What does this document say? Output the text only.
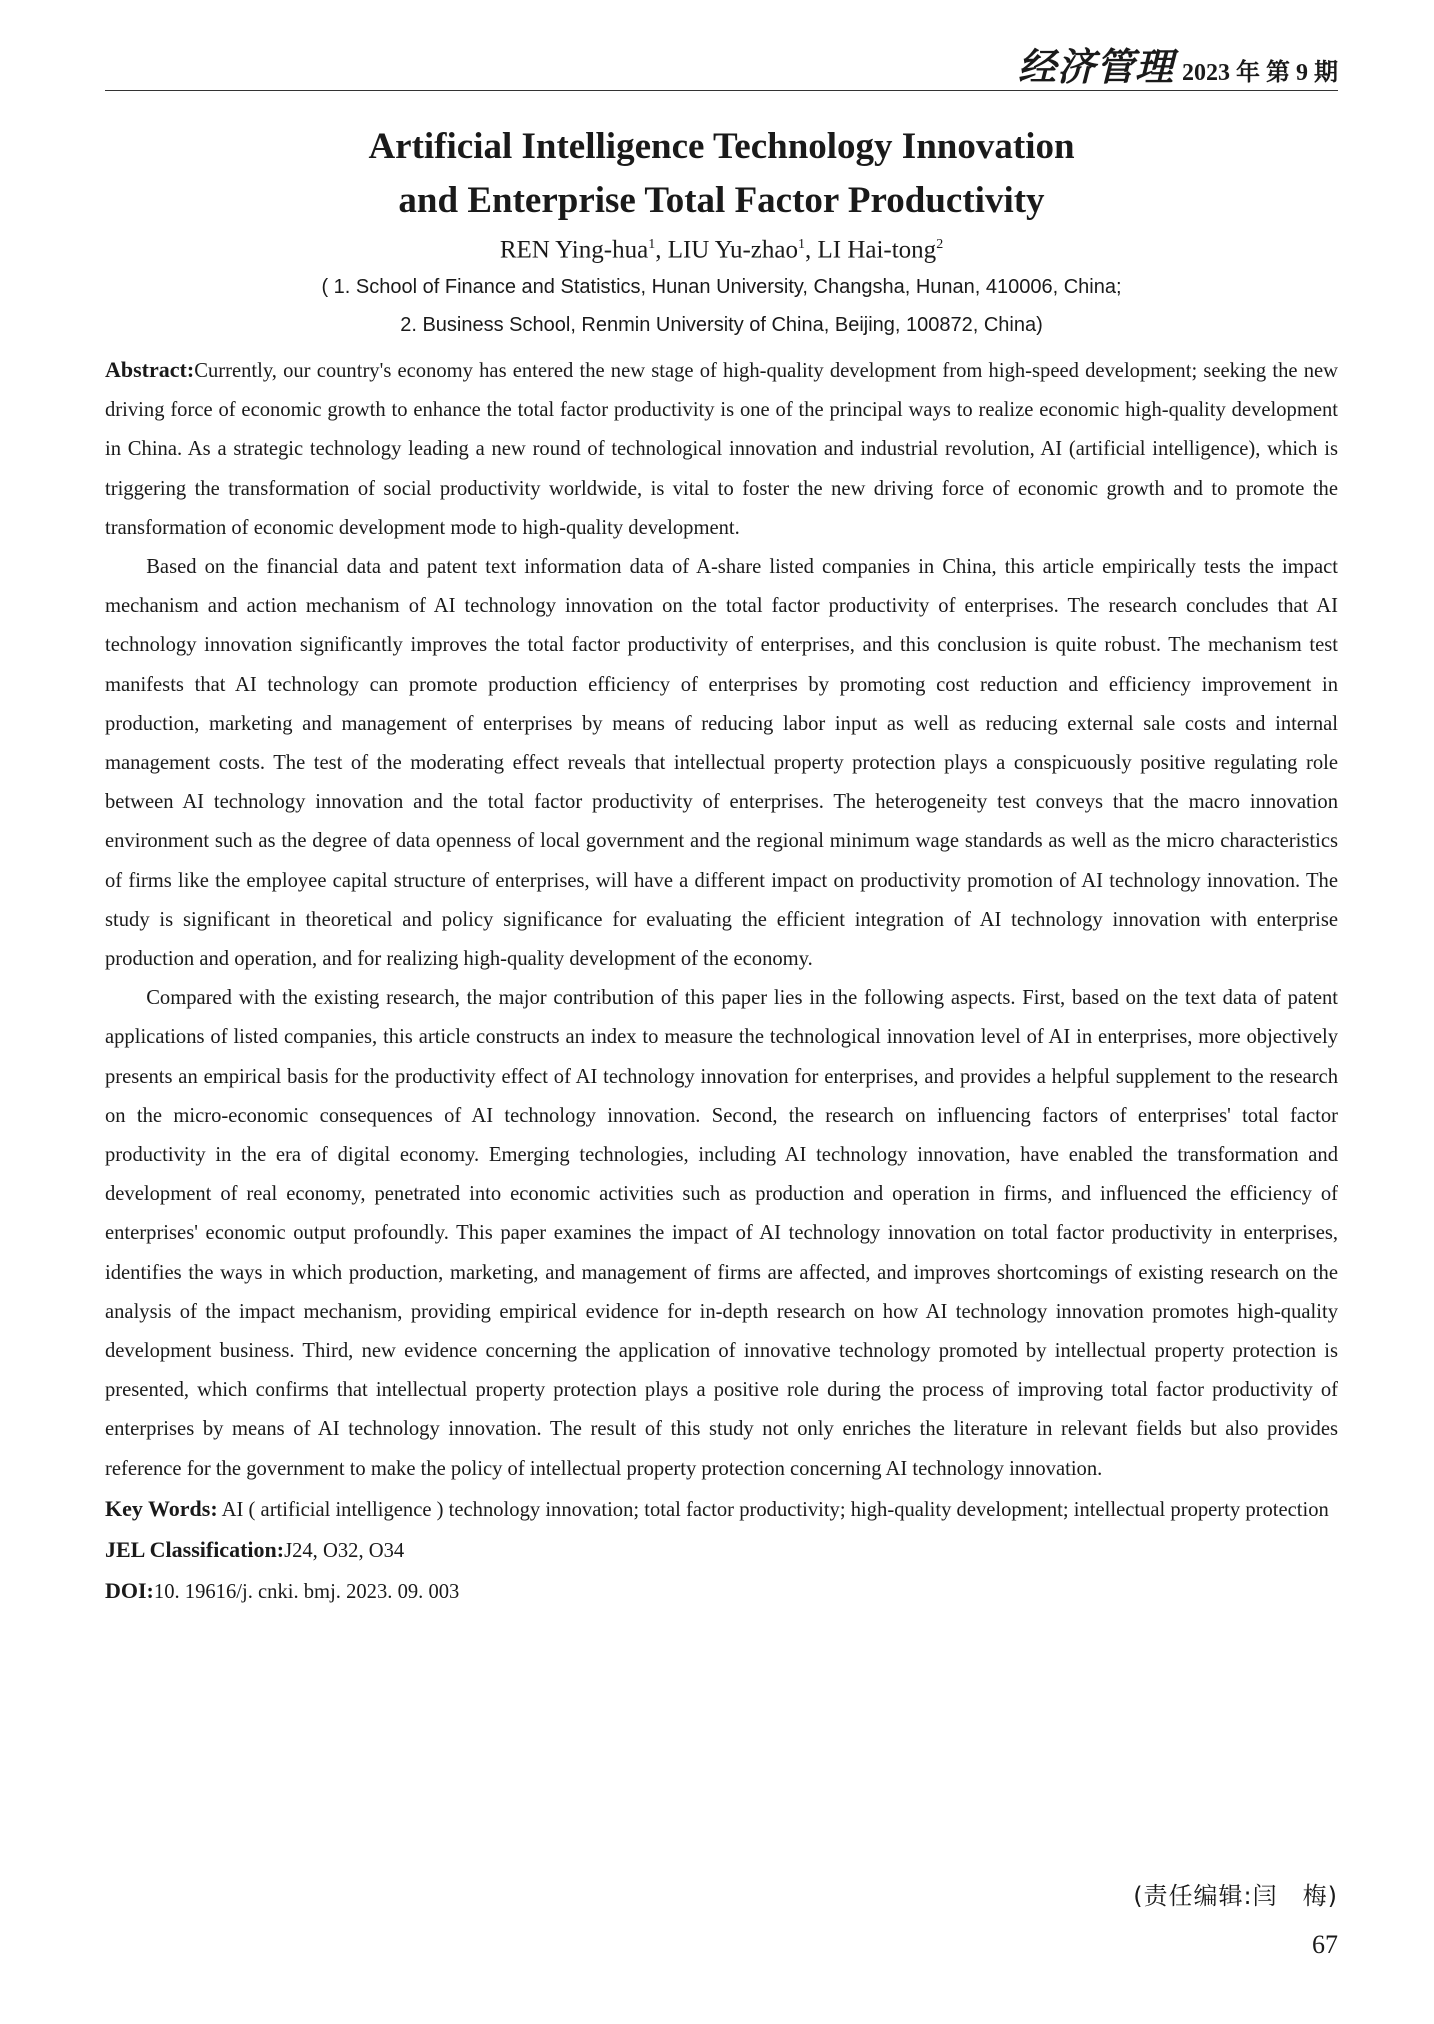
经济管理 2023 年 第 9 期
Artificial Intelligence Technology Innovation
and Enterprise Total Factor Productivity
REN Ying-hua$^1$, LIU Yu-zhao$^1$, LI Hai-tong$^2$
( 1. School of Finance and Statistics, Hunan University, Changsha, Hunan, 410006, China;
2. Business School, Renmin University of China, Beijing, 100872, China)

Abstract:Currently, our country's economy has entered the new stage of high-quality development from high-speed development; seeking the new driving force of economic growth to enhance the total factor productivity is one of the principal ways to realize economic high-quality development in China. As a strategic technology leading a new round of technological innovation and industrial revolution, AI (artificial intelligence), which is triggering the transformation of social productivity worldwide, is vital to foster the new driving force of economic growth and to promote the transformation of economic development mode to high-quality development.

Based on the financial data and patent text information data of A-share listed companies in China, this article empirically tests the impact mechanism and action mechanism of AI technology innovation on the total factor productivity of enterprises. The research concludes that AI technology innovation significantly improves the total factor productivity of enterprises, and this conclusion is quite robust. The mechanism test manifests that AI technology can promote production efficiency of enterprises by promoting cost reduction and efficiency improvement in production, marketing and management of enterprises by means of reducing labor input as well as reducing external sale costs and internal management costs. The test of the moderating effect reveals that intellectual property protection plays a conspicuously positive regulating role between AI technology innovation and the total factor productivity of enterprises. The heterogeneity test conveys that the macro innovation environment such as the degree of data openness of local government and the regional minimum wage standards as well as the micro characteristics of firms like the employee capital structure of enterprises, will have a different impact on productivity promotion of AI technology innovation. The study is significant in theoretical and policy significance for evaluating the efficient integration of AI technology innovation with enterprise production and operation, and for realizing high-quality development of the economy.

Compared with the existing research, the major contribution of this paper lies in the following aspects. First, based on the text data of patent applications of listed companies, this article constructs an index to measure the technological innovation level of AI in enterprises, more objectively presents an empirical basis for the productivity effect of AI technology innovation for enterprises, and provides a helpful supplement to the research on the micro-economic consequences of AI technology innovation. Second, the research on influencing factors of enterprises' total factor productivity in the era of digital economy. Emerging technologies, including AI technology innovation, have enabled the transformation and development of real economy, penetrated into economic activities such as production and operation in firms, and influenced the efficiency of enterprises' economic output profoundly. This paper examines the impact of AI technology innovation on total factor productivity in enterprises, identifies the ways in which production, marketing, and management of firms are affected, and improves shortcomings of existing research on the analysis of the impact mechanism, providing empirical evidence for in-depth research on how AI technology innovation promotes high-quality development business. Third, new evidence concerning the application of innovative technology promoted by intellectual property protection is presented, which confirms that intellectual property protection plays a positive role during the process of improving total factor productivity of enterprises by means of AI technology innovation. The result of this study not only enriches the literature in relevant fields but also provides reference for the government to make the policy of intellectual property protection concerning AI technology innovation.

Key Words: AI ( artificial intelligence ) technology innovation; total factor productivity; high-quality development; intellectual property protection

JEL Classification:J24, O32, O34

DOI:10. 19616/j. cnki. bmj. 2023. 09. 003

(责任编辑:闫　梅)
67
